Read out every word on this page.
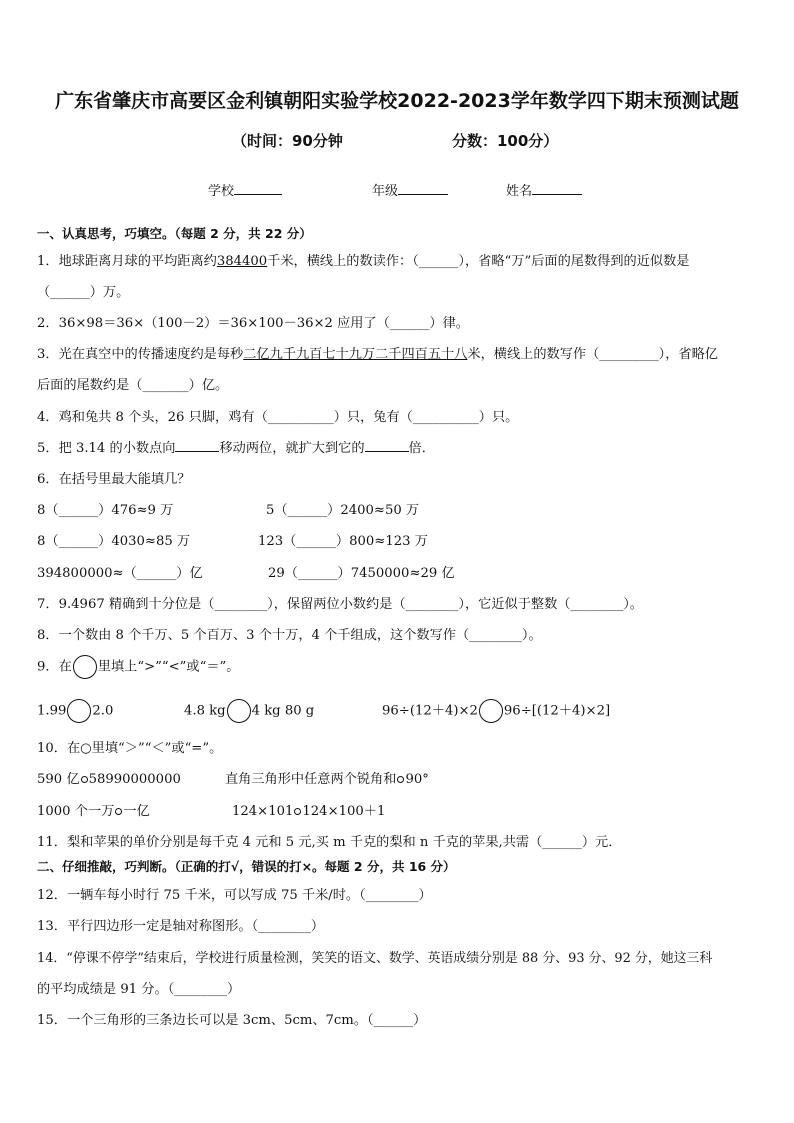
广东省肇庆市高要区金利镇朝阳实验学校2022-2023学年数学四下期末预测试题
（时间：90分钟	分数：100分）
学校	年级	姓名
一、认真思考，巧填空。（每题 2 分，共 22 分）
1．地球距离月球的平均距离约384400千米，横线上的数读作：（______），省略“万”后面的尾数得到的近似数是
（______）万。
2．36×98＝36×（100－2）＝36×100－36×2 应用了（______）律。
3．光在真空中的传播速度约是每秒二亿九千九百七十九万二千四百五十八米，横线上的数写作（_________），省略亿
后面的尾数约是（_______）亿。
4．鸡和兔共 8 个头，26 只脚，鸡有（__________）只，兔有（__________）只。
5．把 3.14 的小数点向	移动两位，就扩大到它的	倍．
6．在括号里最大能填几？
8（______）476≈9 万	5（______）2400≈50 万
8（______）4030≈85 万	123（______）800≈123 万
394800000≈（______）亿	29（______）7450000≈29 亿
7．9.4967 精确到十分位是（________），保留两位小数约是（________），它近似于整数（________）。
8．一个数由 8 个千万、5 个百万、3 个十万，4 个千组成，这个数写作（________）。
9．在 里填上“>”“<”或“＝”。
1.99 2.0	4.8 kg 4 kg 80 g	96÷(12＋4)×2 96÷[(12＋4)×2]
10．在○里填“＞”“＜”或“=”。
590 亿 58990000000	直角三角形中任意两个锐角和 90°
1000 个一万 一亿	124×101 124×100＋1
11．梨和苹果的单价分别是每千克 4 元和 5 元,买 m 千克的梨和 n 千克的苹果,共需（______）元．
二、仔细推敲，巧判断。（正确的打√，错误的打×。每题 2 分，共 16 分）
12．一辆车每小时行 75 千米，可以写成 75 千米/时。（________）
13．平行四边形一定是轴对称图形。（________）
14．“停课不停学”结束后，学校进行质量检测，笑笑的语文、数学、英语成绩分别是 88 分、93 分、92 分，她这三科
的平均成绩是 91 分。（________）
15．一个三角形的三条边长可以是 3cm、5cm、7cm。（______）
